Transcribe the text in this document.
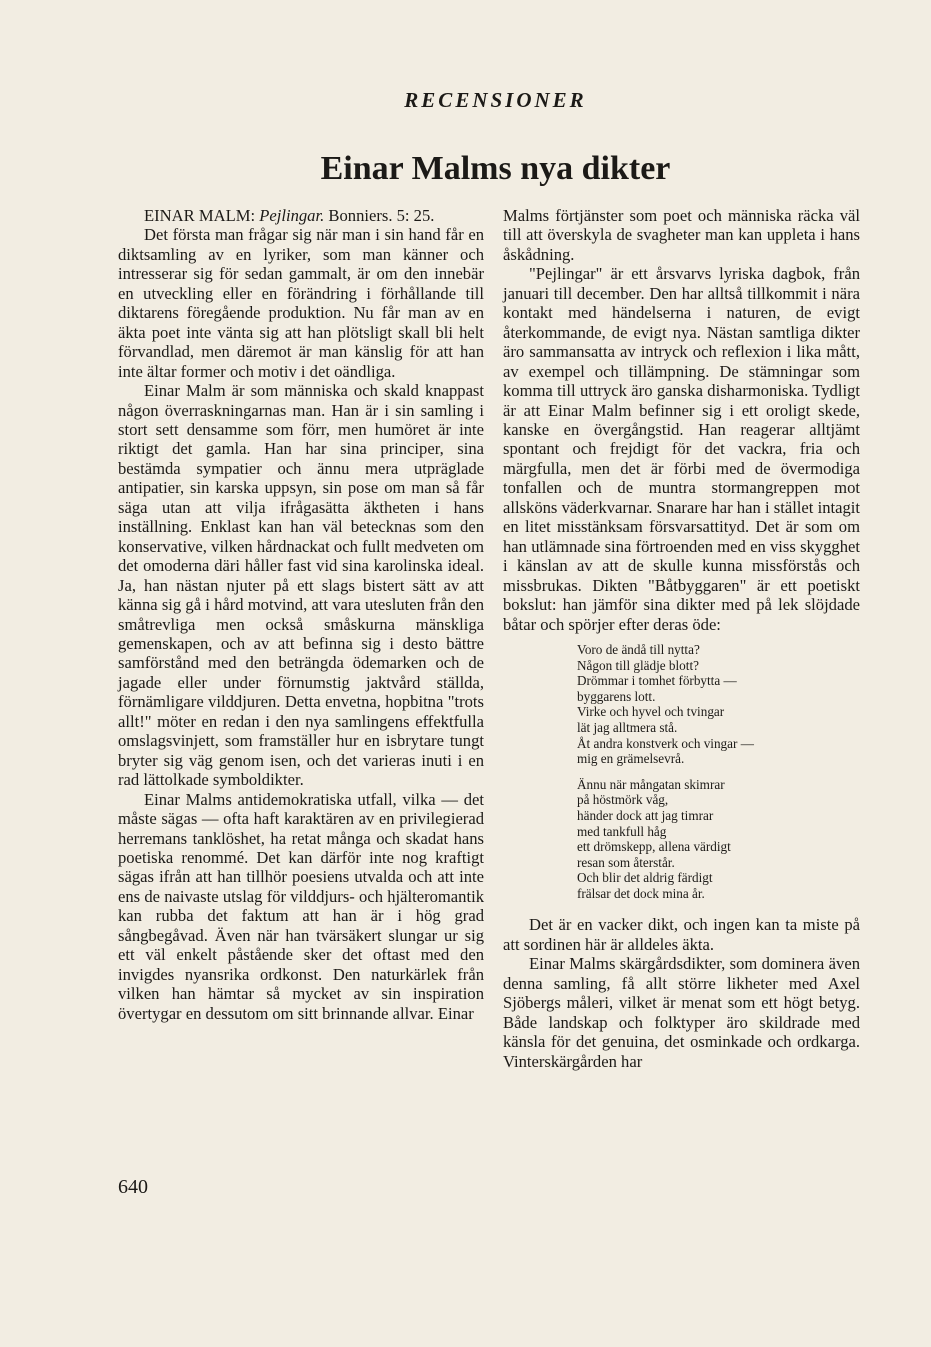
RECENSIONER
Einar Malms nya dikter

EINAR MALM: Pejlingar. Bonniers. 5: 25.

Det första man frågar sig när man i sin hand får en diktsamling av en lyriker, som man känner och intresserar sig för sedan gammalt, är om den innebär en utveckling eller en förändring i förhållande till diktarens föregående produktion. Nu får man av en äkta poet inte vänta sig att han plötsligt skall bli helt förvandlad, men däremot är man känslig för att han inte ältar former och motiv i det oändliga.

Einar Malm är som människa och skald knappast någon överraskningarnas man. Han är i sin samling i stort sett densamme som förr, men humöret är inte riktigt det gamla. Han har sina principer, sina bestämda sympatier och ännu mera utpräglade antipatier, sin karska uppsyn, sin pose om man så får säga utan att vilja ifrågasätta äktheten i hans inställning. Enklast kan han väl betecknas som den konservative, vilken hårdnackat och fullt medveten om det omoderna däri håller fast vid sina karolinska ideal. Ja, han nästan njuter på ett slags bistert sätt av att känna sig gå i hård motvind, att vara utesluten från den småtrevliga men också småskurna mänskliga gemenskapen, och av att befinna sig i desto bättre samförstånd med den beträngda ödemarken och de jagade eller under förnumstig jaktvård ställda, förnämligare vilddjuren. Detta envetna, hopbitna "trots allt!" möter en redan i den nya samlingens effektfulla omslagsvinjett, som framställer hur en isbrytare tungt bryter sig väg genom isen, och det varieras inuti i en rad lättolkade symboldikter.

Einar Malms antidemokratiska utfall, vilka — det måste sägas — ofta haft karaktären av en privilegierad herremans tanklöshet, ha retat många och skadat hans poetiska renommé. Det kan därför inte nog kraftigt sägas ifrån att han tillhör poesiens utvalda och att inte ens de naivaste utslag för vilddjurs- och hjälteromantik kan rubba det faktum att han är i hög grad sångbegåvad. Även när han tvärsäkert slungar ur sig ett väl enkelt påstående sker det oftast med den invigdes nyansrika ordkonst. Den naturkärlek från vilken han hämtar så mycket av sin inspiration övertygar en dessutom om sitt brinnande allvar. Einar

Malms förtjänster som poet och människa räcka väl till att överskyla de svagheter man kan uppleta i hans åskådning.

"Pejlingar" är ett årsvarvs lyriska dagbok, från januari till december. Den har alltså tillkommit i nära kontakt med händelserna i naturen, de evigt återkommande, de evigt nya. Nästan samtliga dikter äro sammansatta av intryck och reflexion i lika mått, av exempel och tillämpning. De stämningar som komma till uttryck äro ganska disharmoniska. Tydligt är att Einar Malm befinner sig i ett oroligt skede, kanske en övergångstid. Han reagerar alltjämt spontant och frejdigt för det vackra, fria och märgfulla, men det är förbi med de övermodiga tonfallen och de muntra stormangreppen mot allsköns väderkvarnar. Snarare har han i stället intagit en litet misstänksam försvarsattityd. Det är som om han utlämnade sina förtroenden med en viss skygghet i känslan av att de skulle kunna missförstås och missbrukas. Dikten "Båtbyggaren" är ett poetiskt bokslut: han jämför sina dikter med på lek slöjdade båtar och spörjer efter deras öde:

Voro de ändå till nytta?
Någon till glädje blott?
Drömmar i tomhet förbytta —
byggarens lott.
Virke och hyvel och tvingar
lät jag alltmera stå.
Åt andra konstverk och vingar —
mig en grämelsevrå.
Ännu när mångatan skimrar
på höstmörk våg,
händer dock att jag timrar
med tankfull håg
ett drömskepp, allena värdigt
resan som återstår.
Och blir det aldrig färdigt
frälsar det dock mina år.

Det är en vacker dikt, och ingen kan ta miste på att sordinen här är alldeles äkta.

Einar Malms skärgårdsdikter, som dominera även denna samling, få allt större likheter med Axel Sjöbergs måleri, vilket är menat som ett högt betyg. Både landskap och folktyper äro skildrade med känsla för det genuina, det osminkade och ordkarga. Vinterskärgården har

640
